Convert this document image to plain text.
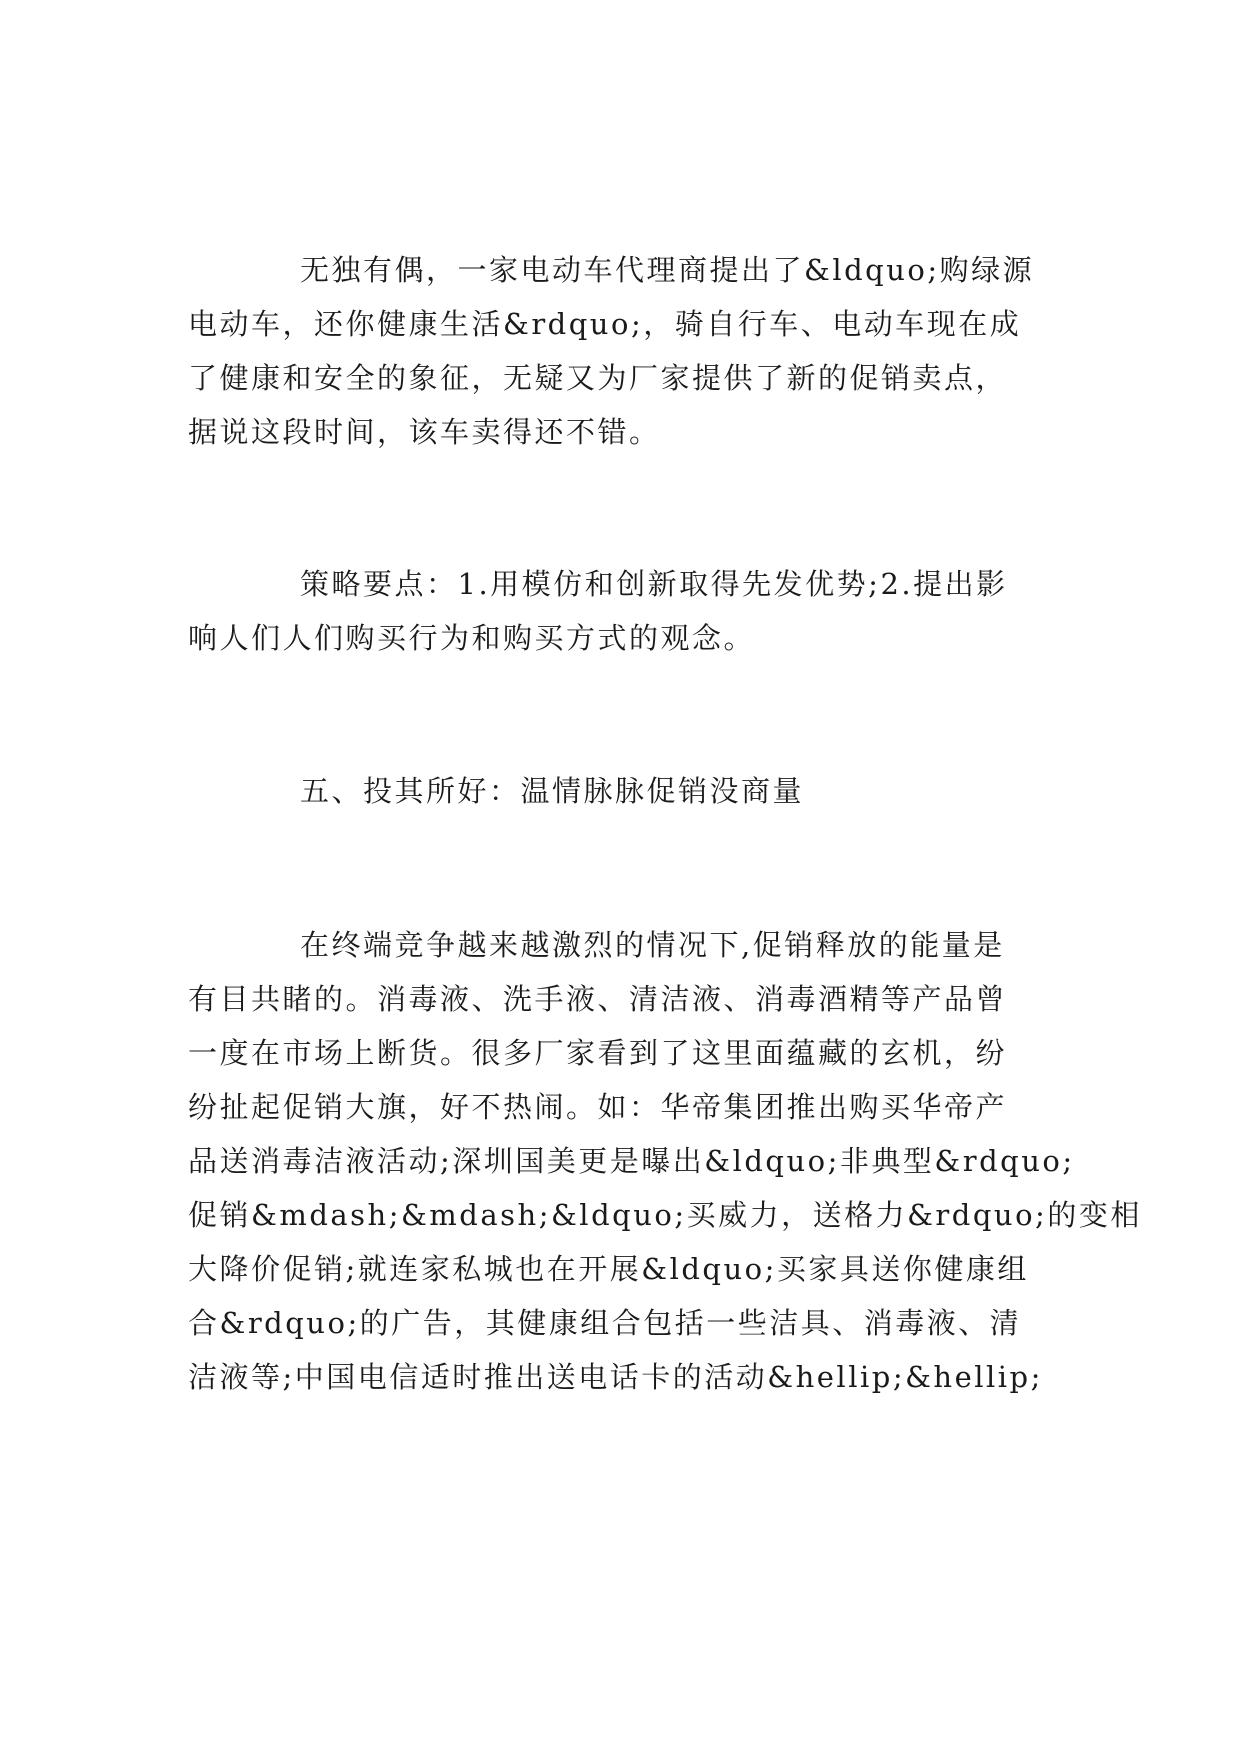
无独有偶，一家电动车代理商提出了&ldquo;购绿源
电动车，还你健康生活&rdquo;，骑自行车、电动车现在成
了健康和安全的象征，无疑又为厂家提供了新的促销卖点，
据说这段时间，该车卖得还不错。
策略要点：1.用模仿和创新取得先发优势;2.提出影
响人们人们购买行为和购买方式的观念。
五、投其所好：温情脉脉促销没商量
在终端竞争越来越激烈的情况下,促销释放的能量是
有目共睹的。消毒液、洗手液、清洁液、消毒酒精等产品曾
一度在市场上断货。很多厂家看到了这里面蕴藏的玄机，纷
纷扯起促销大旗，好不热闹。如：华帝集团推出购买华帝产
品送消毒洁液活动;深圳国美更是曝出&ldquo;非典型&rdquo;
促销&mdash;&mdash;&ldquo;买威力，送格力&rdquo;的变相
大降价促销;就连家私城也在开展&ldquo;买家具送你健康组
合&rdquo;的广告，其健康组合包括一些洁具、消毒液、清
洁液等;中国电信适时推出送电话卡的活动&hellip;&hellip;
